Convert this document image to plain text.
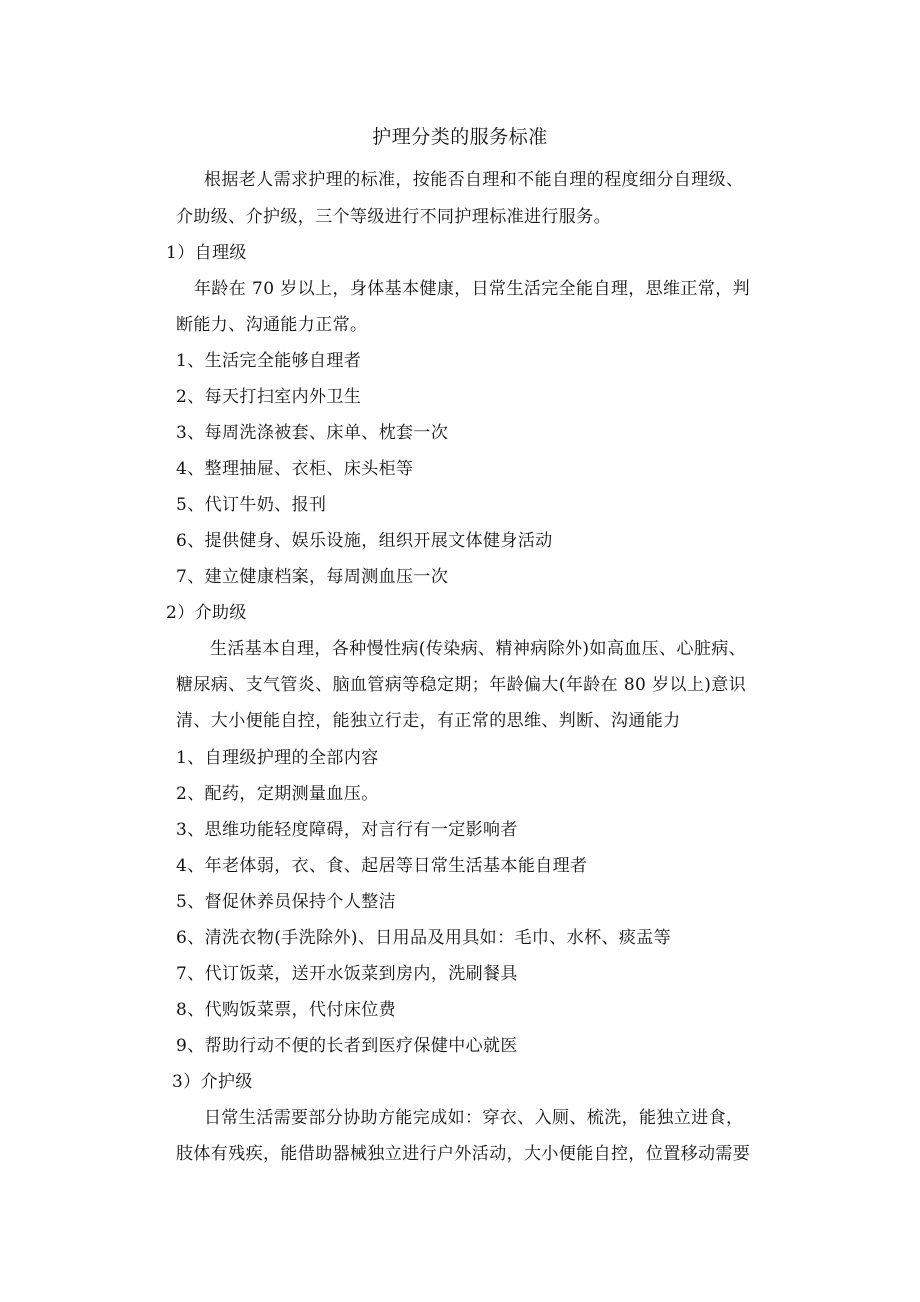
护理分类的服务标准
根据老人需求护理的标准，按能否自理和不能自理的程度细分自理级、
介助级、介护级，三个等级进行不同护理标准进行服务。
1）自理级
年龄在 70 岁以上，身体基本健康，日常生活完全能自理，思维正常，判
断能力、沟通能力正常。
1、生活完全能够自理者
2、每天打扫室内外卫生
3、每周洗涤被套、床单、枕套一次
4、整理抽屉、衣柜、床头柜等
5、代订牛奶、报刊
6、提供健身、娱乐设施，组织开展文体健身活动
7、建立健康档案，每周测血压一次
2）介助级
生活基本自理，各种慢性病(传染病、精神病除外)如高血压、心脏病、
糖尿病、支气管炎、脑血管病等稳定期；年龄偏大(年龄在 80 岁以上)意识
清、大小便能自控，能独立行走，有正常的思维、判断、沟通能力
1、自理级护理的全部内容
2、配药，定期测量血压。
3、思维功能轻度障碍，对言行有一定影响者
4、年老体弱，衣、食、起居等日常生活基本能自理者
5、督促休养员保持个人整洁
6、清洗衣物(手洗除外)、日用品及用具如：毛巾、水杯、痰盂等
7、代订饭菜，送开水饭菜到房内，洗刷餐具
8、代购饭菜票，代付床位费
9、帮助行动不便的长者到医疗保健中心就医
3）介护级
日常生活需要部分协助方能完成如：穿衣、入厕、梳洗，能独立进食，
肢体有残疾，能借助器械独立进行户外活动，大小便能自控，位置移动需要
